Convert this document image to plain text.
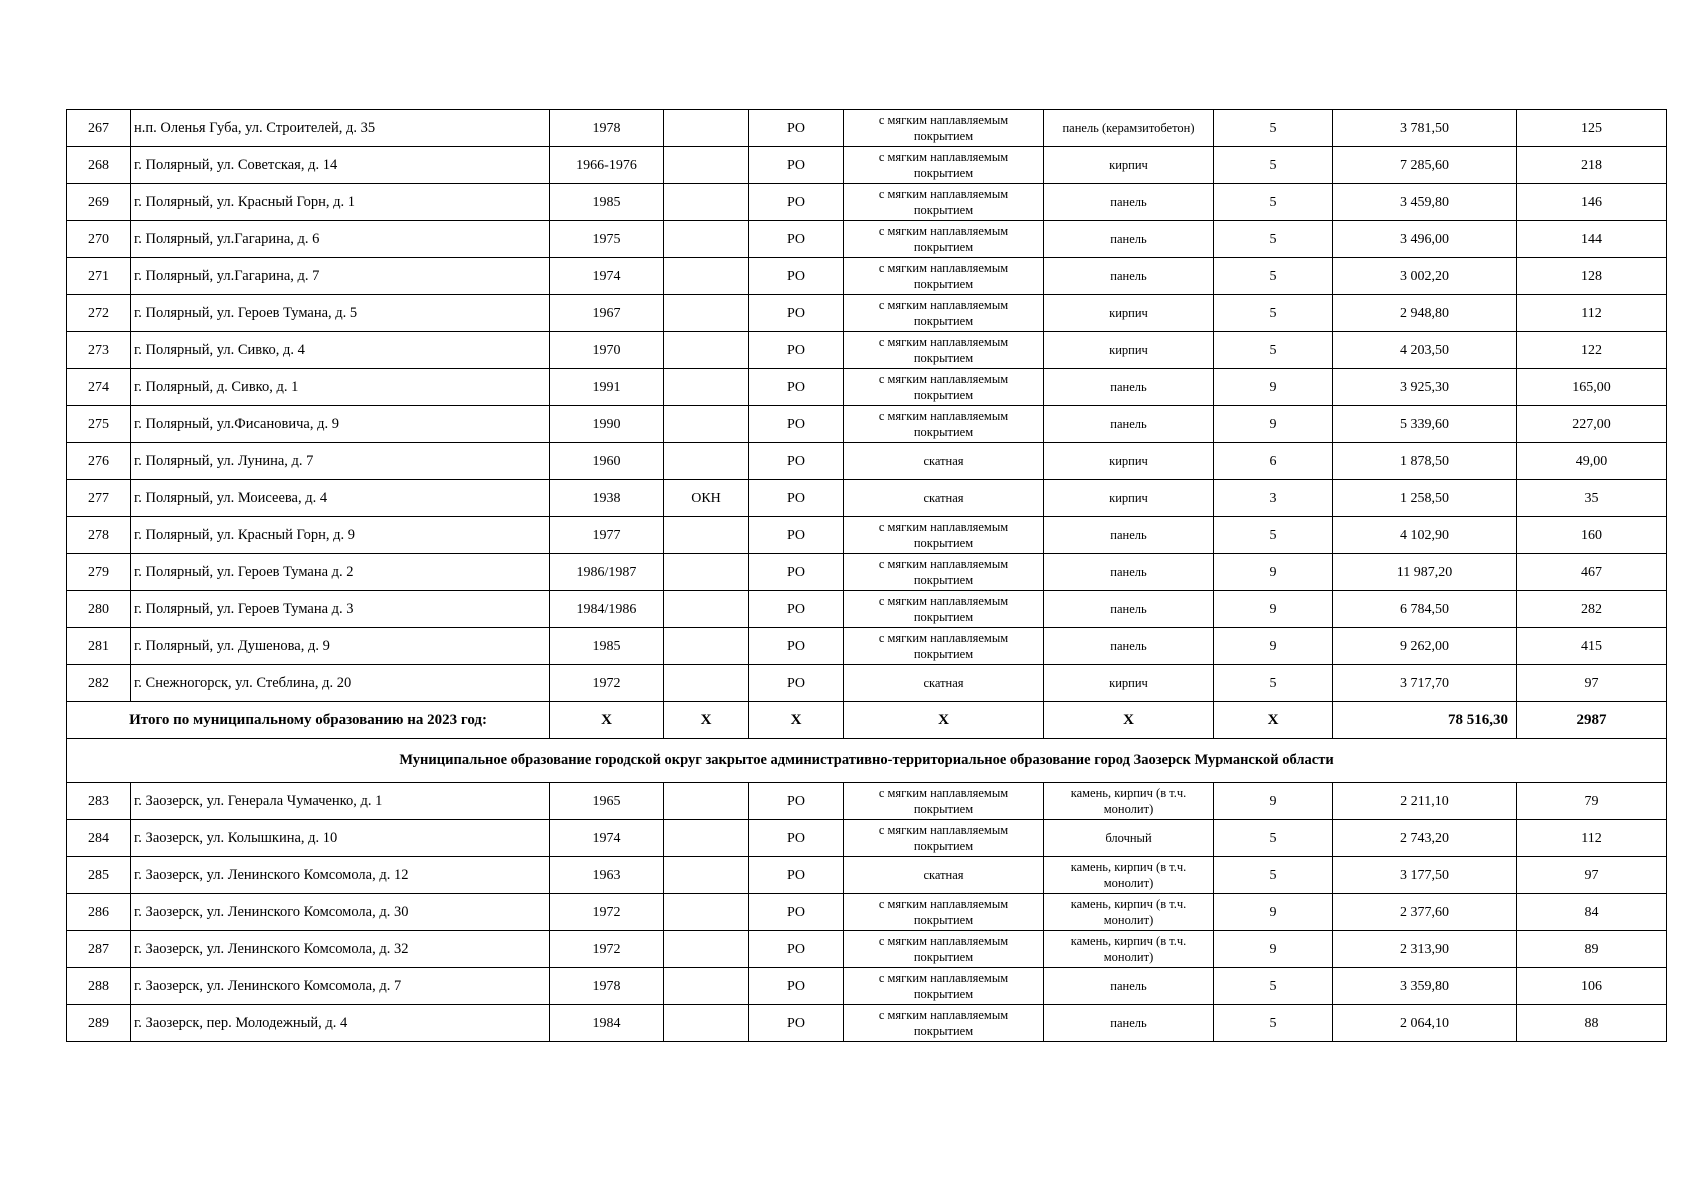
267	н.п. Оленья Губа, ул. Строителей, д. 35	1978		РО	с мягким наплавляемым покрытием	панель (керамзитобетон)	5	3 781,50	125
268	г. Полярный, ул. Советская, д. 14	1966-1976		РО	с мягким наплавляемым покрытием	кирпич	5	7 285,60	218
269	г. Полярный, ул. Красный Горн, д. 1	1985		РО	с мягким наплавляемым покрытием	панель	5	3 459,80	146
270	г. Полярный, ул.Гагарина, д. 6	1975		РО	с мягким наплавляемым покрытием	панель	5	3 496,00	144
271	г. Полярный, ул.Гагарина, д. 7	1974		РО	с мягким наплавляемым покрытием	панель	5	3 002,20	128
272	г. Полярный, ул. Героев Тумана, д. 5	1967		РО	с мягким наплавляемым покрытием	кирпич	5	2 948,80	112
273	г. Полярный, ул. Сивко, д. 4	1970		РО	с мягким наплавляемым покрытием	кирпич	5	4 203,50	122
274	г. Полярный, д. Сивко, д. 1	1991		РО	с мягким наплавляемым покрытием	панель	9	3 925,30	165,00
275	г. Полярный, ул.Фисановича, д. 9	1990		РО	с мягким наплавляемым покрытием	панель	9	5 339,60	227,00
276	г. Полярный, ул. Лунина, д. 7	1960		РО	скатная	кирпич	6	1 878,50	49,00
277	г. Полярный, ул. Моисеева, д. 4	1938	ОКН	РО	скатная	кирпич	3	1 258,50	35
278	г. Полярный, ул. Красный Горн, д. 9	1977		РО	с мягким наплавляемым покрытием	панель	5	4 102,90	160
279	г. Полярный, ул. Героев Тумана д. 2	1986/1987		РО	с мягким наплавляемым покрытием	панель	9	11 987,20	467
280	г. Полярный, ул. Героев Тумана д. 3	1984/1986		РО	с мягким наплавляемым покрытием	панель	9	6 784,50	282
281	г. Полярный, ул. Душенова, д. 9	1985		РО	с мягким наплавляемым покрытием	панель	9	9 262,00	415
282	г. Снежногорск, ул. Стеблина, д. 20	1972		РО	скатная	кирпич	5	3 717,70	97
Итого по муниципальному образованию на 2023 год:		Х	Х	Х	Х	Х	Х	78 516,30	2987
Муниципальное образование городской округ закрытое административно-территориальное образование город Заозерск Мурманской области									
283	г. Заозерск, ул. Генерала Чумаченко, д. 1	1965		РО	с мягким наплавляемым покрытием	камень, кирпич (в т.ч. монолит)	9	2 211,10	79
284	г. Заозерск, ул. Колышкина, д. 10	1974		РО	с мягким наплавляемым покрытием	блочный	5	2 743,20	112
285	г. Заозерск, ул. Ленинского Комсомола, д. 12	1963		РО	скатная	камень, кирпич (в т.ч. монолит)	5	3 177,50	97
286	г. Заозерск, ул. Ленинского Комсомола, д. 30	1972		РО	с мягким наплавляемым покрытием	камень, кирпич (в т.ч. монолит)	9	2 377,60	84
287	г. Заозерск, ул. Ленинского Комсомола, д. 32	1972		РО	с мягким наплавляемым покрытием	камень, кирпич (в т.ч. монолит)	9	2 313,90	89
288	г. Заозерск, ул. Ленинского Комсомола, д. 7	1978		РО	с мягким наплавляемым покрытием	панель	5	3 359,80	106
289	г. Заозерск, пер. Молодежный, д. 4	1984		РО	с мягким наплавляемым покрытием	панель	5	2 064,10	88
